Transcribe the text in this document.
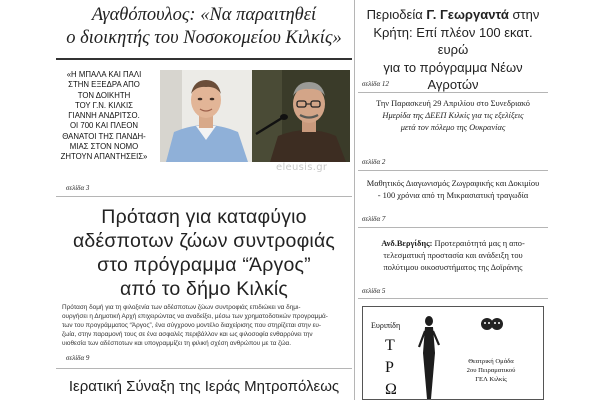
Αγαθόπουλος: «Να παραιτηθεί
ο διοικητής του Νοσοκομείου Κιλκίς»
«Η ΜΠΑΛΑ ΚΑΙ ΠΑΛΙ
ΣΤΗΝ ΕΞΕΔΡΑ ΑΠΟ
ΤΟΝ ΔΟΙΚΗΤΗ
ΤΟΥ Γ.Ν. ΚΙΛΚΙΣ
ΓΙΑΝΝΗ ΑΝΔΡΙΤΣΟ.
ΟΙ 700 ΚΑΙ ΠΛΕΟΝ
ΘΑΝΑΤΟΙ ΤΗΣ ΠΑΝΔΗ-
ΜΙΑΣ ΣΤΟΝ ΝΟΜΟ
ΖΗΤΟΥΝ ΑΠΑΝΤΗΣΕΙΣ»
eleusis.gr
σελίδα 3
Πρόταση για καταφύγιο
αδέσποτων ζώων συντροφιάς
στο πρόγραμμα “Άργος”
από το δήμο Κιλκίς
Πρόταση δομή για τη φιλοξενία των αδέσποτων ζώων συντροφιάς επιδιώκει να δημι-
ουργήσει η Δημοτική Αρχή επιχειρώντας να αναδείξει, μέσω των χρηματοδοτικών προγραμμά-
των του προγράμματος “Άργος”, ένα σύγχρονο μοντέλο διαχείρισης που στηρίζεται στην ευ-
ζωία, στην παραμονή τους σε ένα ασφαλές περιβάλλον και ως φιλοσοφία ενθαρρύνει την
υιοθεσία των αδέσποτων και υπογραμμίζει τη φιλική σχέση ανθρώπου με τα ζώα.
σελίδα 9
Ιερατική Σύναξη της Ιεράς Μητροπόλεως
Περιοδεία Γ. Γεωργαντά στην
Κρήτη: Επί πλέον 100 εκατ. ευρώ
για το πρόγραμμα Νέων Αγροτών
σελίδα 12
Την Παρασκευή 29 Απριλίου στο Συνεδριακό
Ημερίδα της ΔΕΕΠ Κιλκίς για τις εξελίξεις
μετά τον πόλεμο της Ουκρανίας
σελίδα 2
Μαθητικός Διαγωνισμός Ζωγραφικής και Δοκιμίου
- 100 χρόνια από τη Μικρασιατική τραγωδία
σελίδα 7
Ανδ.Βεργίδης: Προτεραιότητά μας η απο-
τελεσματική προστασία και ανάδειξη του
πολύτιμου οικοσυστήματος της Δοϊράνης
σελίδα 5
Ευριπίδη
Τ
Ρ
Ω
Θεατρική Ομάδα
2ου Πειραματικού
ΓΕΛ Κιλκίς
